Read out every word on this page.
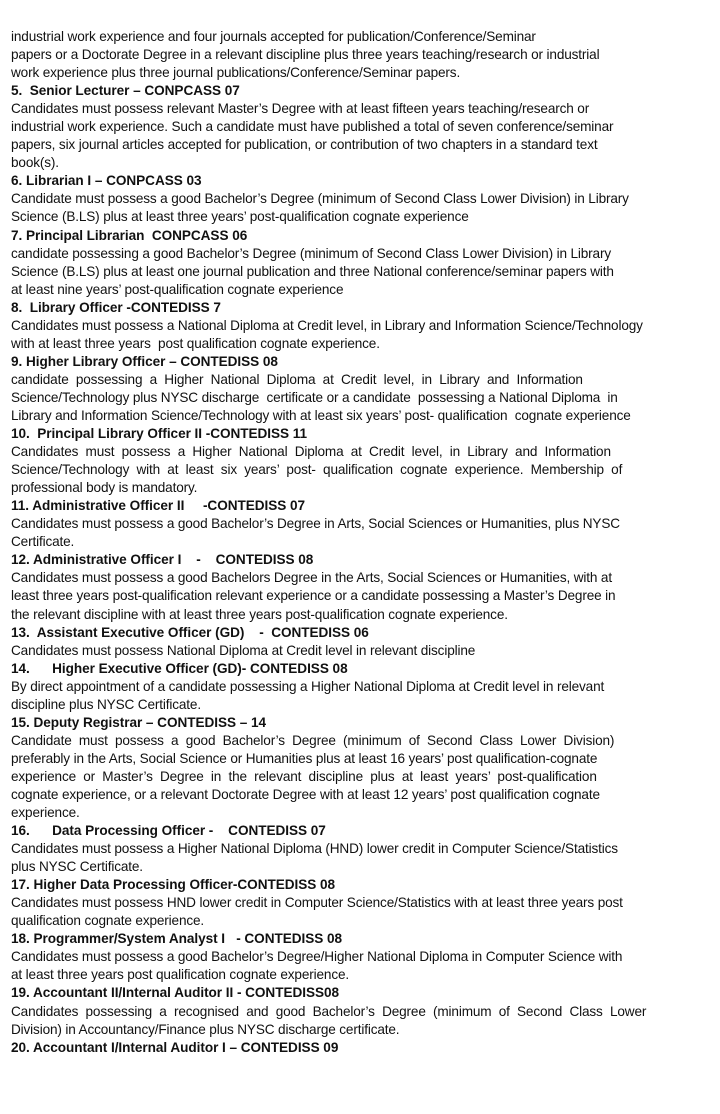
industrial work experience and four journals accepted for publication/Conference/Seminar
papers or a Doctorate Degree in a relevant discipline plus three years teaching/research or industrial
work experience plus three journal publications/Conference/Seminar papers.
5.  Senior Lecturer – CONPCASS 07
Candidates must possess relevant Master’s Degree with at least fifteen years teaching/research or
industrial work experience. Such a candidate must have published a total of seven conference/seminar
papers, six journal articles accepted for publication, or contribution of two chapters in a standard text
book(s).
6. Librarian I – CONPCASS 03
Candidate must possess a good Bachelor’s Degree (minimum of Second Class Lower Division) in Library
Science (B.LS) plus at least three years’ post-qualification cognate experience
7. Principal Librarian  CONPCASS 06
candidate possessing a good Bachelor’s Degree (minimum of Second Class Lower Division) in Library
Science (B.LS) plus at least one journal publication and three National conference/seminar papers with
at least nine years’ post-qualification cognate experience
8.  Library Officer -CONTEDISS 7
Candidates must possess a National Diploma at Credit level, in Library and Information Science/Technology
with at least three years  post qualification cognate experience.
9. Higher Library Officer – CONTEDISS 08
candidate  possessing  a  Higher  National  Diploma  at  Credit  level,  in  Library  and  Information
Science/Technology plus NYSC discharge  certificate or a candidate  possessing a National Diploma  in
Library and Information Science/Technology with at least six years’ post- qualification  cognate experience
10.  Principal Library Officer II -CONTEDISS 11
Candidates  must  possess  a  Higher  National  Diploma  at  Credit  level,  in  Library  and  Information
Science/Technology  with  at  least  six  years’  post-  qualification  cognate  experience.  Membership  of
professional body is mandatory.
11. Administrative Officer II     -CONTEDISS 07
Candidates must possess a good Bachelor’s Degree in Arts, Social Sciences or Humanities, plus NYSC
Certificate.
12. Administrative Officer I    -    CONTEDISS 08
Candidates must possess a good Bachelors Degree in the Arts, Social Sciences or Humanities, with at
least three years post-qualification relevant experience or a candidate possessing a Master’s Degree in
the relevant discipline with at least three years post-qualification cognate experience.
13.  Assistant Executive Officer (GD)    -  CONTEDISS 06
Candidates must possess National Diploma at Credit level in relevant discipline
14.      Higher Executive Officer (GD)- CONTEDISS 08
By direct appointment of a candidate possessing a Higher National Diploma at Credit level in relevant
discipline plus NYSC Certificate.
15. Deputy Registrar – CONTEDISS – 14
Candidate  must  possess  a  good  Bachelor’s  Degree  (minimum  of  Second  Class  Lower  Division)
preferably in the Arts, Social Science or Humanities plus at least 16 years’ post qualification-cognate
experience  or  Master’s  Degree  in  the  relevant  discipline  plus  at  least  years’  post-qualification
cognate experience, or a relevant Doctorate Degree with at least 12 years’ post qualification cognate
experience.
16.      Data Processing Officer -    CONTEDISS 07
Candidates must possess a Higher National Diploma (HND) lower credit in Computer Science/Statistics
plus NYSC Certificate.
17. Higher Data Processing Officer-CONTEDISS 08
Candidates must possess HND lower credit in Computer Science/Statistics with at least three years post
qualification cognate experience.
18. Programmer/System Analyst I   - CONTEDISS 08
Candidates must possess a good Bachelor’s Degree/Higher National Diploma in Computer Science with
at least three years post qualification cognate experience.
19. Accountant II/Internal Auditor II - CONTEDISS08
Candidates  possessing  a  recognised  and  good  Bachelor’s  Degree  (minimum  of  Second  Class  Lower
Division) in Accountancy/Finance plus NYSC discharge certificate.
20. Accountant I/Internal Auditor I – CONTEDISS 09
